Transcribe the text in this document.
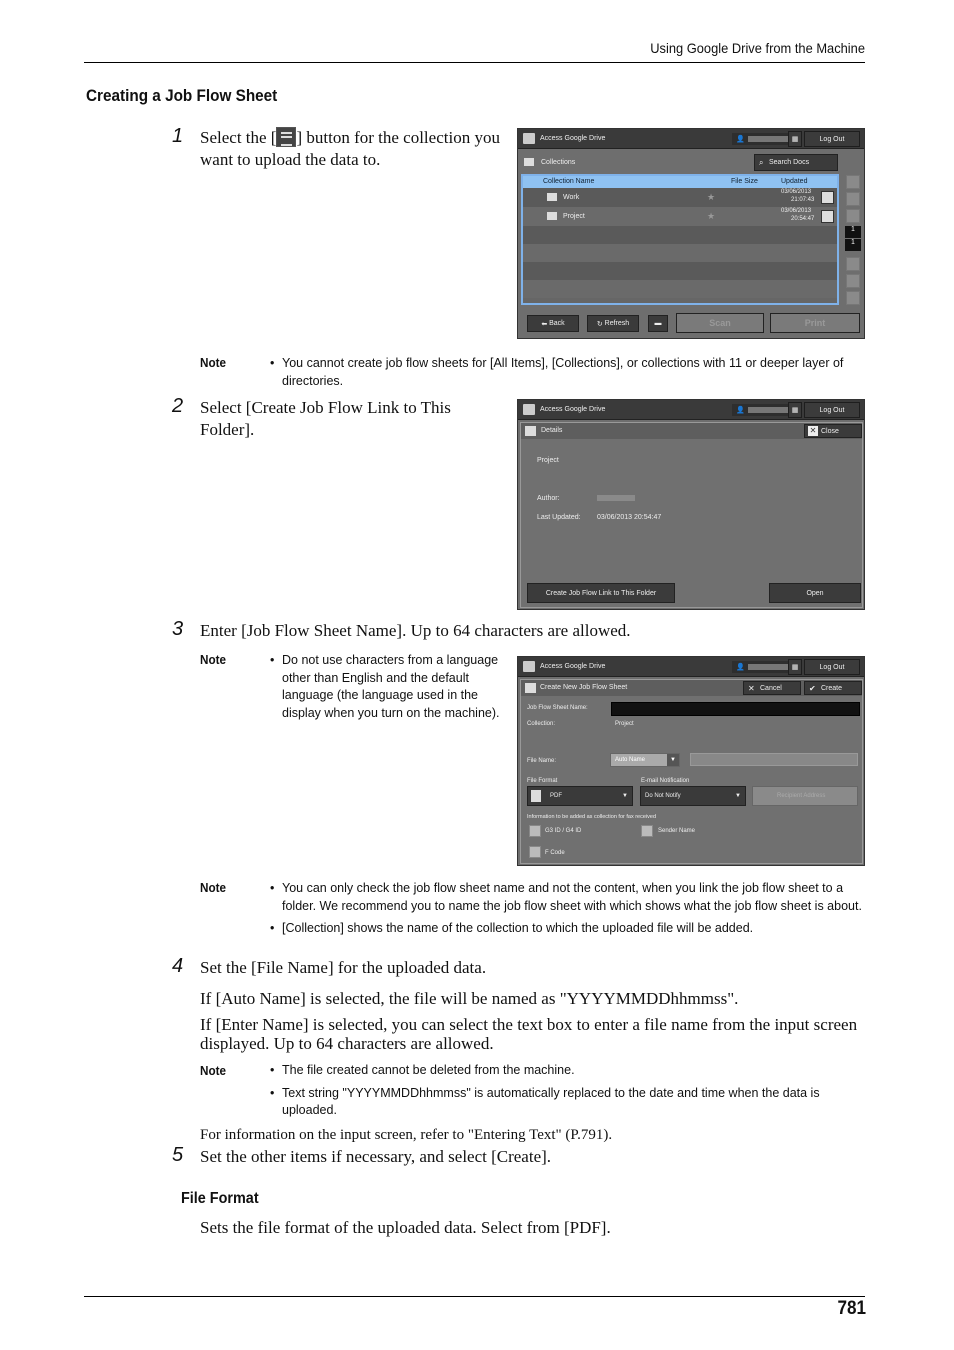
Using Google Drive from the Machine
Creating a Job Flow Sheet
1 Select the [ ] button for the collection you want to upload the data to.
Access Google Drive	👤	▦	Log Out
Collections	⌕ Search Docs
Collection Name	File Size	Updated
Work	★	03/06/2013
21:07:43
Project	★	03/06/2013
20:54:47
1
1
⬅ Back	↻ Refresh	▬	Scan	Print
Note	• You cannot create job flow sheets for [All Items], [Collections], or collections with 11 or deeper layer of directories.
2 Select [Create Job Flow Link to This Folder].
Access Google Drive	👤	▦	Log Out
Details	✕ Close
Project
Author:
Last Updated: 03/06/2013 20:54:47
Create Job Flow Link to This Folder	Open
3 Enter [Job Flow Sheet Name]. Up to 64 characters are allowed.
Note	• Do not use characters from a language other than English and the default language (the language used in the display when you turn on the machine).
Access Google Drive	👤	▦	Log Out
Create New Job Flow Sheet	✕ Cancel	✔ Create
Job Flow Sheet Name:
Collection:	Project
File Name:	Auto Name	▼
File Format	E-mail Notification
PDF	▼	Do Not Notify	▼	Recipient Address
Information to be added as collection for fax received
G3 ID / G4 ID	Sender Name
F Code
Note	• You can only check the job flow sheet name and not the content, when you link the job flow sheet to a folder. We recommend you to name the job flow sheet with which shows what the job flow sheet is about.
• [Collection] shows the name of the collection to which the uploaded file will be added.
4 Set the [File Name] for the uploaded data.
If [Auto Name] is selected, the file will be named as "YYYYMMDDhhmmss".
If [Enter Name] is selected, you can select the text box to enter a file name from the input screen displayed. Up to 64 characters are allowed.
Note	• The file created cannot be deleted from the machine.
• Text string "YYYYMMDDhhmmss" is automatically replaced to the date and time when the data is uploaded.
For information on the input screen, refer to "Entering Text" (P.791).
5 Set the other items if necessary, and select [Create].
File Format
Sets the file format of the uploaded data. Select from [PDF].
781
